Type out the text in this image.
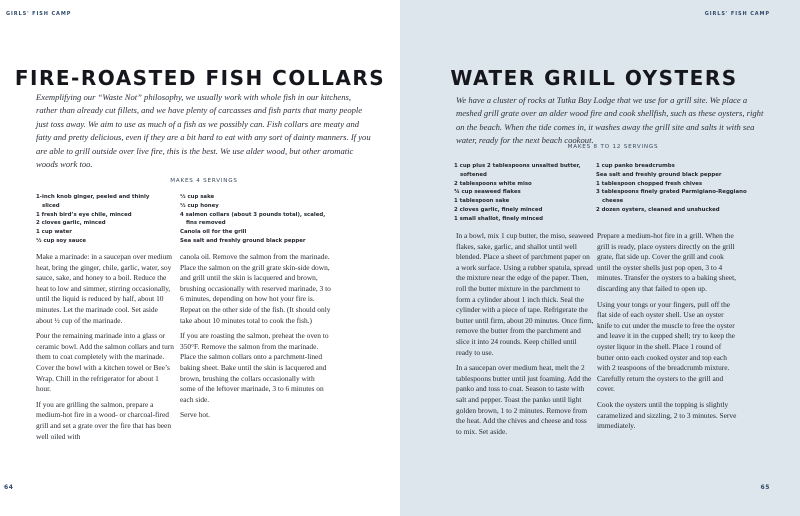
GIRLS' FISH CAMP
FIRE-ROASTED FISH COLLARS

Exemplifying our “Waste Not” philosophy, we usually work with whole fish in our kitchens, rather than already cut fillets, and we have plenty of carcasses and fish parts that many people just toss away. We aim to use as much of a fish as we possibly can. Fish collars are meaty and fatty and pretty delicious, even if they are a bit hard to eat with any sort of dainty manners. If you are able to grill outside over live fire, this is the best. We use alder wood, but other aromatic woods work too.

MAKES 4 SERVINGS
1-inch knob ginger, peeled and thinly sliced
1 fresh bird’s eye chile, minced
2 cloves garlic, minced
1 cup water
½ cup soy sauce
½ cup sake
½ cup honey
4 salmon collars (about 3 pounds total), scaled, fins removed
Canola oil for the grill
Sea salt and freshly ground black pepper

Make a marinade: in a saucepan over medium heat, bring the ginger, chile, garlic, water, soy sauce, sake, and honey to a boil. Reduce the heat to low and simmer, stirring occasionally, until the liquid is reduced by half, about 10 minutes. Let the marinade cool. Set aside about ½ cup of the marinade.

Pour the remaining marinade into a glass or ceramic bowl. Add the salmon collars and turn them to coat completely with the marinade. Cover the bowl with a kitchen towel or Bee’s Wrap. Chill in the refrigerator for about 1 hour.

If you are grilling the salmon, prepare a medium-hot fire in a wood- or charcoal-fired grill and set a grate over the fire that has been well oiled with

canola oil. Remove the salmon from the marinade. Place the salmon on the grill grate skin-side down, and grill until the skin is lacquered and brown, brushing occasionally with reserved marinade, 3 to 6 minutes, depending on how hot your fire is. Repeat on the other side of the fish. (It should only take about 10 minutes total to cook the fish.)

If you are roasting the salmon, preheat the oven to 350°F. Remove the salmon from the marinade. Place the salmon collars onto a parchment-lined baking sheet. Bake until the skin is lacquered and brown, brushing the collars occasionally with some of the leftover marinade, 3 to 6 minutes on each side.

Serve hot.

64
GIRLS' FISH CAMP
WATER GRILL OYSTERS

We have a cluster of rocks at Tutka Bay Lodge that we use for a grill site. We place a meshed grill grate over an alder wood fire and cook shellfish, such as these oysters, right on the beach. When the tide comes in, it washes away the grill site and salts it with sea water, ready for the next beach cookout.

MAKES 8 TO 12 SERVINGS
1 cup plus 2 tablespoons unsalted butter, softened
2 tablespoons white miso
¾ cup seaweed flakes
1 tablespoon sake
2 cloves garlic, finely minced
1 small shallot, finely minced
1 cup panko breadcrumbs
Sea salt and freshly ground black pepper
1 tablespoon chopped fresh chives
3 tablespoons finely grated Parmigiano-Reggiano cheese
2 dozen oysters, cleaned and unshucked

In a bowl, mix 1 cup butter, the miso, seaweed flakes, sake, garlic, and shallot until well blended. Place a sheet of parchment paper on a work surface. Using a rubber spatula, spread the mixture near the edge of the paper. Then, roll the butter mixture in the parchment to form a cylinder about 1 inch thick. Seal the cylinder with a piece of tape. Refrigerate the butter until firm, about 20 minutes. Once firm, remove the butter from the parchment and slice it into 24 rounds. Keep chilled until ready to use.

In a saucepan over medium heat, melt the 2 tablespoons butter until just foaming. Add the panko and toss to coat. Season to taste with salt and pepper. Toast the panko until light golden brown, 1 to 2 minutes. Remove from the heat. Add the chives and cheese and toss to mix. Set aside.

Prepare a medium-hot fire in a grill. When the grill is ready, place oysters directly on the grill grate, flat side up. Cover the grill and cook until the oyster shells just pop open, 3 to 4 minutes. Transfer the oysters to a baking sheet, discarding any that failed to open up.

Using your tongs or your fingers, pull off the flat side of each oyster shell. Use an oyster knife to cut under the muscle to free the oyster and leave it in the cupped shell; try to keep the oyster liquor in the shell. Place 1 round of butter onto each cooked oyster and top each with 2 teaspoons of the breadcrumb mixture. Carefully return the oysters to the grill and cover.

Cook the oysters until the topping is slightly caramelized and sizzling, 2 to 3 minutes. Serve immediately.

65
